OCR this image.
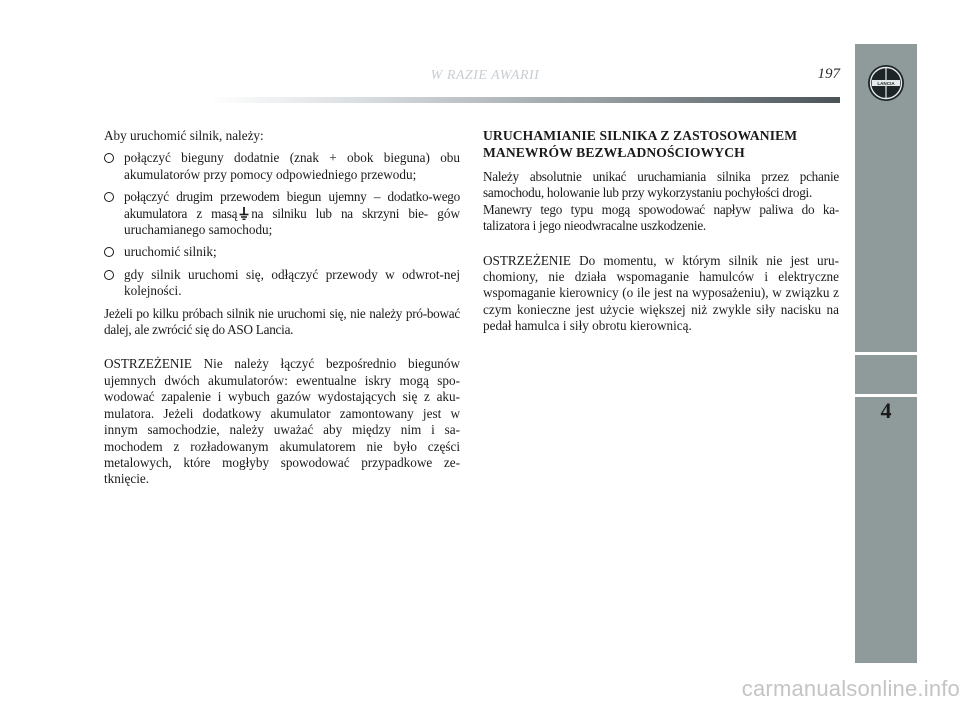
W RAZIE AWARII	197
LANCIA
4

Aby uruchomić silnik, należy:

połączyć bieguny dodatnie (znak + obok bieguna) obu akumulatorów przy pomocy odpowiedniego przewodu;
połączyć drugim przewodem biegun ujemny – dodatko-wego akumulatora z masą na silniku lub na skrzyni bie- gów uruchamianego samochodu;
uruchomić silnik;
gdy silnik uruchomi się, odłączyć przewody w odwrot-nej kolejności.

Jeżeli po kilku próbach silnik nie uruchomi się, nie należy pró-bować dalej, ale zwrócić się do ASO Lancia.

OSTRZEŻENIE Nie należy łączyć bezpośrednio biegunów ujemnych dwóch akumulatorów: ewentualne iskry mogą spo-wodować zapalenie i wybuch gazów wydostających się z aku-mulatora. Jeżeli dodatkowy akumulator zamontowany jest w innym samochodzie, należy uważać aby między nim i sa-mochodem z rozładowanym akumulatorem nie było części metalowych, które mogłyby spowodować przypadkowe ze-tknięcie.

URUCHAMIANIE SILNIKA Z ZASTOSOWANIEM MANEWRÓW BEZWŁADNOŚCIOWYCH

Należy absolutnie unikać uruchamiania silnika przez pchanie samochodu, holowanie lub przy wykorzystaniu pochyłości drogi.

Manewry tego typu mogą spowodować napływ paliwa do ka-talizatora i jego nieodwracalne uszkodzenie.

OSTRZEŻENIE Do momentu, w którym silnik nie jest uru-chomiony, nie działa wspomaganie hamulców i elektryczne wspomaganie kierownicy (o ile jest na wyposażeniu), w związku z czym konieczne jest użycie większej niż zwykle siły nacisku na pedał hamulca i siły obrotu kierownicą.

carmanualsonline.info
